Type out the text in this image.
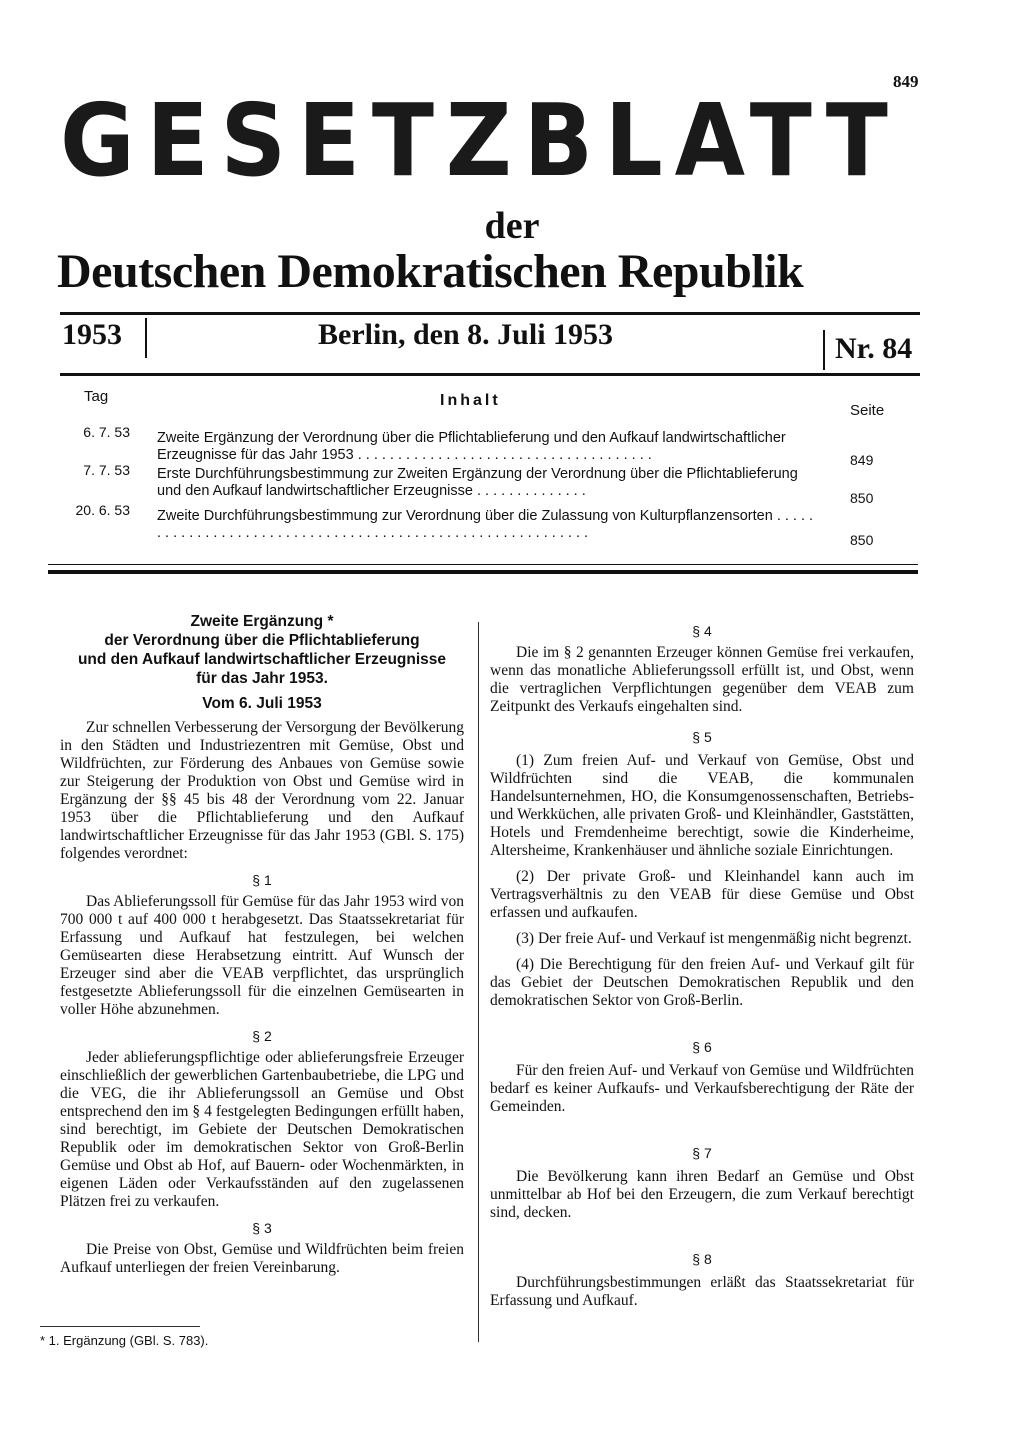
849
GESETZBLATT
der
Deutschen Demokratischen Republik
1953	Berlin, den 8. Juli 1953	Nr. 84
Tag	Inhalt
Seite
6. 7. 53 Zweite Ergänzung der Verordnung über die Pflichtablieferung und den Aufkauf landwirtschaftlicher Erzeugnisse für das Jahr 1953 . . . . . . . . . . . . . . . . . . . . . . . . . . . . . . . . . . . . .	849
7. 7. 53 Erste Durchführungsbestimmung zur Zweiten Ergänzung der Verordnung über die Pflichtablieferung und den Aufkauf landwirtschaftlicher Erzeugnisse . . . . . . . . . . . . . .	850
20. 6. 53 Zweite Durchführungsbestimmung zur Verordnung über die Zulassung von Kulturpflanzensorten . . . . . . . . . . . . . . . . . . . . . . . . . . . . . . . . . . . . . . . . . . . . . . . . . . . . . . . . . . .	850
Zweite Ergänzung *
der Verordnung über die Pflichtablieferung
und den Aufkauf landwirtschaftlicher Erzeugnisse
für das Jahr 1953.
Vom 6. Juli 1953

Zur schnellen Verbesserung der Versorgung der Bevölkerung in den Städten und Industriezentren mit Gemüse, Obst und Wildfrüchten, zur Förderung des Anbaues von Gemüse sowie zur Steigerung der Produktion von Obst und Gemüse wird in Ergänzung der §§ 45 bis 48 der Verordnung vom 22. Januar 1953 über die Pflichtablieferung und den Aufkauf landwirtschaftlicher Erzeugnisse für das Jahr 1953 (GBl. S. 175) folgendes verordnet:

§ 1

Das Ablieferungssoll für Gemüse für das Jahr 1953 wird von 700 000 t auf 400 000 t herabgesetzt. Das Staatssekretariat für Erfassung und Aufkauf hat festzulegen, bei welchen Gemüsearten diese Herabsetzung eintritt. Auf Wunsch der Erzeuger sind aber die VEAB verpflichtet, das ursprünglich festgesetzte Ablieferungssoll für die einzelnen Gemüsearten in voller Höhe abzunehmen.

§ 2

Jeder ablieferungspflichtige oder ablieferungsfreie Erzeuger einschließlich der gewerblichen Gartenbaubetriebe, die LPG und die VEG, die ihr Ablieferungssoll an Gemüse und Obst entsprechend den im § 4 festgelegten Bedingungen erfüllt haben, sind berechtigt, im Gebiete der Deutschen Demokratischen Republik oder im demokratischen Sektor von Groß-Berlin Gemüse und Obst ab Hof, auf Bauern- oder Wochenmärkten, in eigenen Läden oder Verkaufsständen auf den zugelassenen Plätzen frei zu verkaufen.

§ 3

Die Preise von Obst, Gemüse und Wildfrüchten beim freien Aufkauf unterliegen der freien Vereinbarung.

* 1. Ergänzung (GBl. S. 783).
§ 4

Die im § 2 genannten Erzeuger können Gemüse frei verkaufen, wenn das monatliche Ablieferungssoll erfüllt ist, und Obst, wenn die vertraglichen Verpflichtungen gegenüber dem VEAB zum Zeitpunkt des Verkaufs eingehalten sind.

§ 5

(1) Zum freien Auf- und Verkauf von Gemüse, Obst und Wildfrüchten sind die VEAB, die kommunalen Handelsunternehmen, HO, die Konsumgenossenschaften, Betriebs- und Werkküchen, alle privaten Groß- und Kleinhändler, Gaststätten, Hotels und Fremdenheime berechtigt, sowie die Kinderheime, Altersheime, Krankenhäuser und ähnliche soziale Einrichtungen.

(2) Der private Groß- und Kleinhandel kann auch im Vertragsverhältnis zu den VEAB für diese Gemüse und Obst erfassen und aufkaufen.

(3) Der freie Auf- und Verkauf ist mengenmäßig nicht begrenzt.

(4) Die Berechtigung für den freien Auf- und Verkauf gilt für das Gebiet der Deutschen Demokratischen Republik und den demokratischen Sektor von Groß-Berlin.

§ 6

Für den freien Auf- und Verkauf von Gemüse und Wildfrüchten bedarf es keiner Aufkaufs- und Verkaufsberechtigung der Räte der Gemeinden.

§ 7

Die Bevölkerung kann ihren Bedarf an Gemüse und Obst unmittelbar ab Hof bei den Erzeugern, die zum Verkauf berechtigt sind, decken.

§ 8

Durchführungsbestimmungen erläßt das Staatssekretariat für Erfassung und Aufkauf.
